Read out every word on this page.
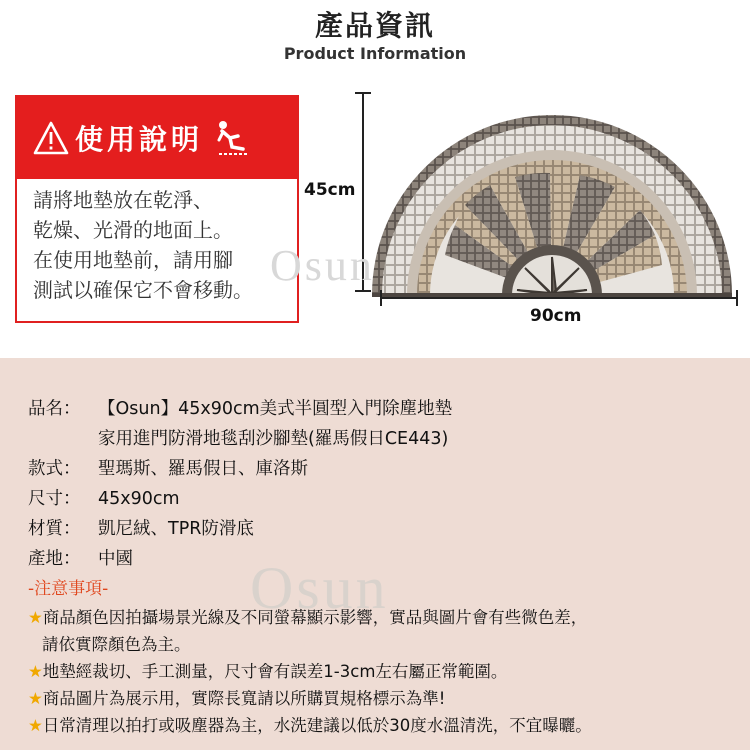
產品資訊
Product Information
使用說明
請將地墊放在乾淨、
乾燥、光滑的地面上。
在使用地墊前，請用腳
測試以確保它不會移動。
45cm
90cm
Osun
Osun
品名： 【Osun】45x90cm美式半圓型入門除塵地墊
家用進門防滑地毯刮沙腳墊(羅馬假日CE443)
款式： 聖瑪斯、羅馬假日、庫洛斯
尺寸： 45x90cm
材質： 凱尼絨、TPR防滑底
產地： 中國
-注意事項-
★商品顏色因拍攝場景光線及不同螢幕顯示影響，實品與圖片會有些微色差，
請依實際顏色為主。
★地墊經裁切、手工測量，尺寸會有誤差1-3cm左右屬正常範圍。
★商品圖片為展示用，實際長寬請以所購買規格標示為準!
★日常清理以拍打或吸塵器為主，水洗建議以低於30度水溫清洗，不宜曝曬。
